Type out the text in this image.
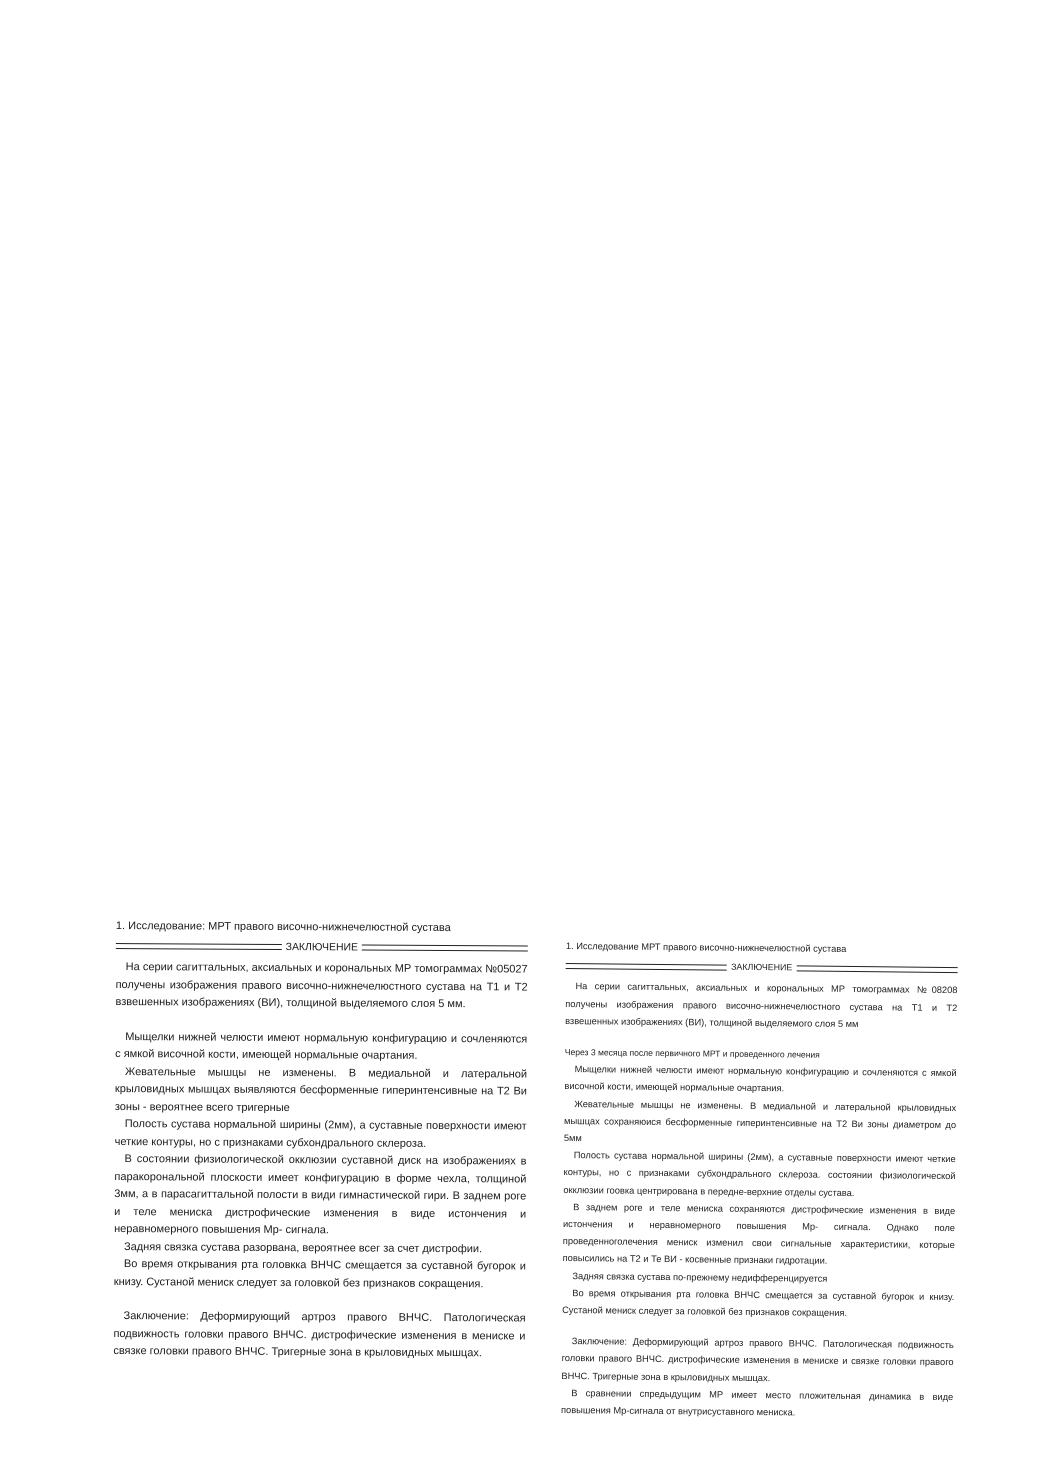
1. Исследование: МРТ правого височно-нижнечелюстной сустава
ЗАКЛЮЧЕНИЕ

На серии сагиттальных, аксиальных и корональных МР томограммах №05027 получены изображения правого височно-нижнечелюстного сустава на Т1 и Т2 взвешенных изображениях (ВИ), толщиной выделяемого слоя 5 мм.

Мыщелки нижней челюсти имеют нормальную конфигурацию и сочленяются с ямкой височной кости, имеющей нормальные очартания.

Жевательные мышцы не изменены. В медиальной и латеральной крыловидных мышцах выявляются бесформенные гиперинтенсивные на Т2 Ви зоны - вероятнее всего тригерные

Полость сустава нормальной ширины (2мм), а суставные поверхности имеют четкие контуры, но с признаками субхондрального склероза.

В состоянии физиологической окклюзии суставной диск на изображениях в паракорональной плоскости имеет конфигурацию в форме чехла, толщиной 3мм, а в парасагиттальной полости в види гимнастической гири. В заднем роге и теле мениска дистрофические изменения в виде истончения и неравномерного повышения Мр- сигнала.

Задняя связка сустава разорвана, вероятнее всег за счет дистрофии.

Во время открывания рта головкка ВНЧС смещается за суставной бугорок и книзу. Сустаной мениск следует за головкой без признаков сокращения.

Заключение: Деформирующий артроз правого ВНЧС. Патологическая подвижность головки правого ВНЧС. дистрофические изменения в мениске и связке головки правого ВНЧС. Тригерные зона в крыловидных мышцах.

1. Исследование МРТ правого височно-нижнечелюстной сустава
ЗАКЛЮЧЕНИЕ

На серии сагиттальных, аксиальных и корональных МР томограммах №08208 получены изображения правого височно-нижнечелюстного сустава на Т1 и Т2 взвешенных изображениях (ВИ), толщиной выделяемого слоя 5 мм

Через 3 месяца после первичного МРТ и проведенного лечения

Мыщелки нижней челюсти имеют нормальную конфигурацию и сочленяются с ямкой височной кости, имеющей нормальные очартания.

Жевательные мышцы не изменены. В медиальной и латеральной крыловидных мышцах сохраняюися бесформенные гиперинтенсивные на Т2 Ви зоны диаметром до 5мм

Полость сустава нормальной ширины (2мм), а суставные поверхности имеют четкие контуры, но с признаками субхондрального склероза. состоянии физиологической окклюзии гоовка центрирована в передне-верхние отделы сустава.

В заднем роге и теле мениска сохраняются дистрофические изменения в виде истончения и неравномерного повышения Мр- сигнала. Однако поле проведенноголечения мениск изменил свои сигнальные характеристики, которые повысились на Т2 и Те ВИ - косвенные признаки гидротации.

Задняя связка сустава по-прежнему недифференцируется

Во время открывания рта головка ВНЧС смещается за суставной бугорок и книзу. Сустаной мениск следует за головкой без признаков сокращения.

Заключение: Деформирующий артроз правого ВНЧС. Патологическая подвижность головки правого ВНЧС. дистрофические изменения в мениске и связке головки правого ВНЧС. Тригерные зона в крыловидных мышцах.

В сравнении спредыдущим МР имеет место пложительная динамика в виде повышения Мр-сигнала от внутрисуставного мениска.
